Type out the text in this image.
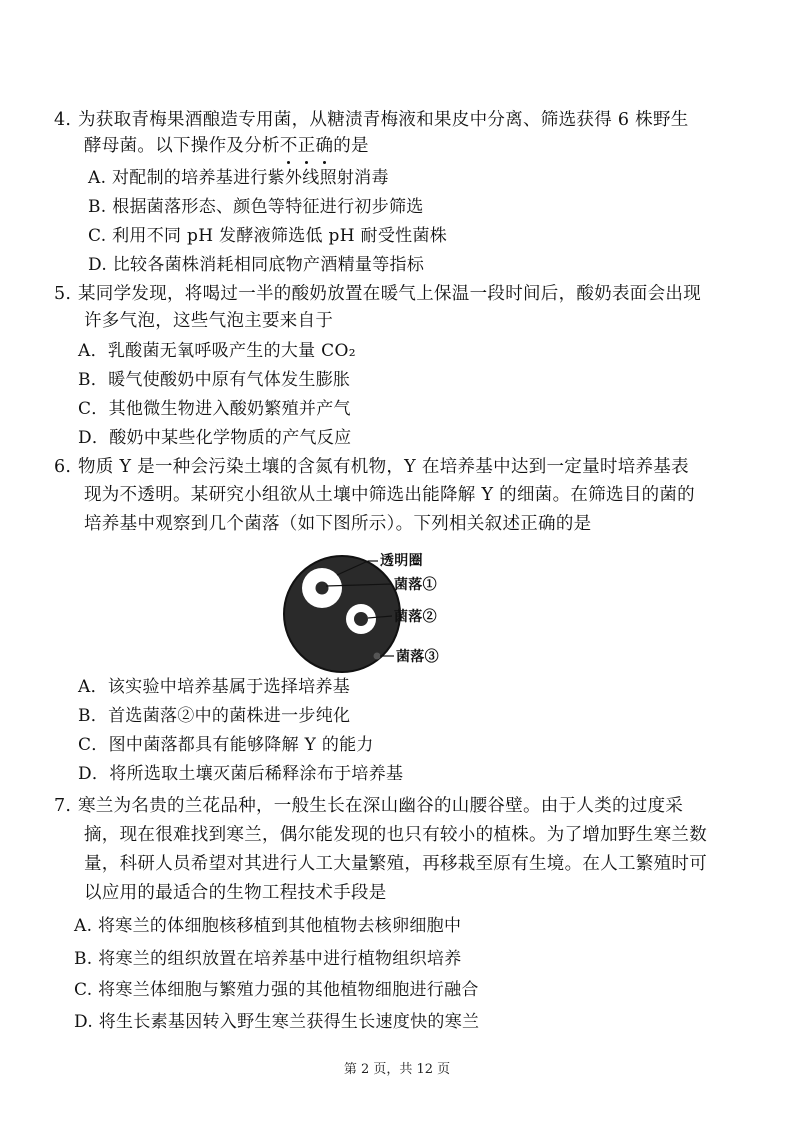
4. 为获取青梅果酒酿造专用菌，从糖渍青梅液和果皮中分离、筛选获得 6 株野生
酵母菌。以下操作及分析不正确的是
A. 对配制的培养基进行紫外线照射消毒
B. 根据菌落形态、颜色等特征进行初步筛选
C. 利用不同 pH 发酵液筛选低 pH 耐受性菌株
D. 比较各菌株消耗相同底物产酒精量等指标
5. 某同学发现，将喝过一半的酸奶放置在暖气上保温一段时间后，酸奶表面会出现
许多气泡，这些气泡主要来自于
A．乳酸菌无氧呼吸产生的大量 CO₂
B．暖气使酸奶中原有气体发生膨胀
C．其他微生物进入酸奶繁殖并产气
D．酸奶中某些化学物质的产气反应
6. 物质 Y 是一种会污染土壤的含氮有机物，Y 在培养基中达到一定量时培养基表
现为不透明。某研究小组欲从土壤中筛选出能降解 Y 的细菌。在筛选目的菌的
培养基中观察到几个菌落（如下图所示）。下列相关叙述正确的是
透明圈
菌落①
菌落②
菌落③
A．该实验中培养基属于选择培养基
B．首选菌落②中的菌株进一步纯化
C．图中菌落都具有能够降解 Y 的能力
D．将所选取土壤灭菌后稀释涂布于培养基
7. 寒兰为名贵的兰花品种，一般生长在深山幽谷的山腰谷壁。由于人类的过度采
摘，现在很难找到寒兰，偶尔能发现的也只有较小的植株。为了增加野生寒兰数
量，科研人员希望对其进行人工大量繁殖，再移栽至原有生境。在人工繁殖时可
以应用的最适合的生物工程技术手段是
A. 将寒兰的体细胞核移植到其他植物去核卵细胞中
B. 将寒兰的组织放置在培养基中进行植物组织培养
C. 将寒兰体细胞与繁殖力强的其他植物细胞进行融合
D. 将生长素基因转入野生寒兰获得生长速度快的寒兰
第 2 页，共 12 页
